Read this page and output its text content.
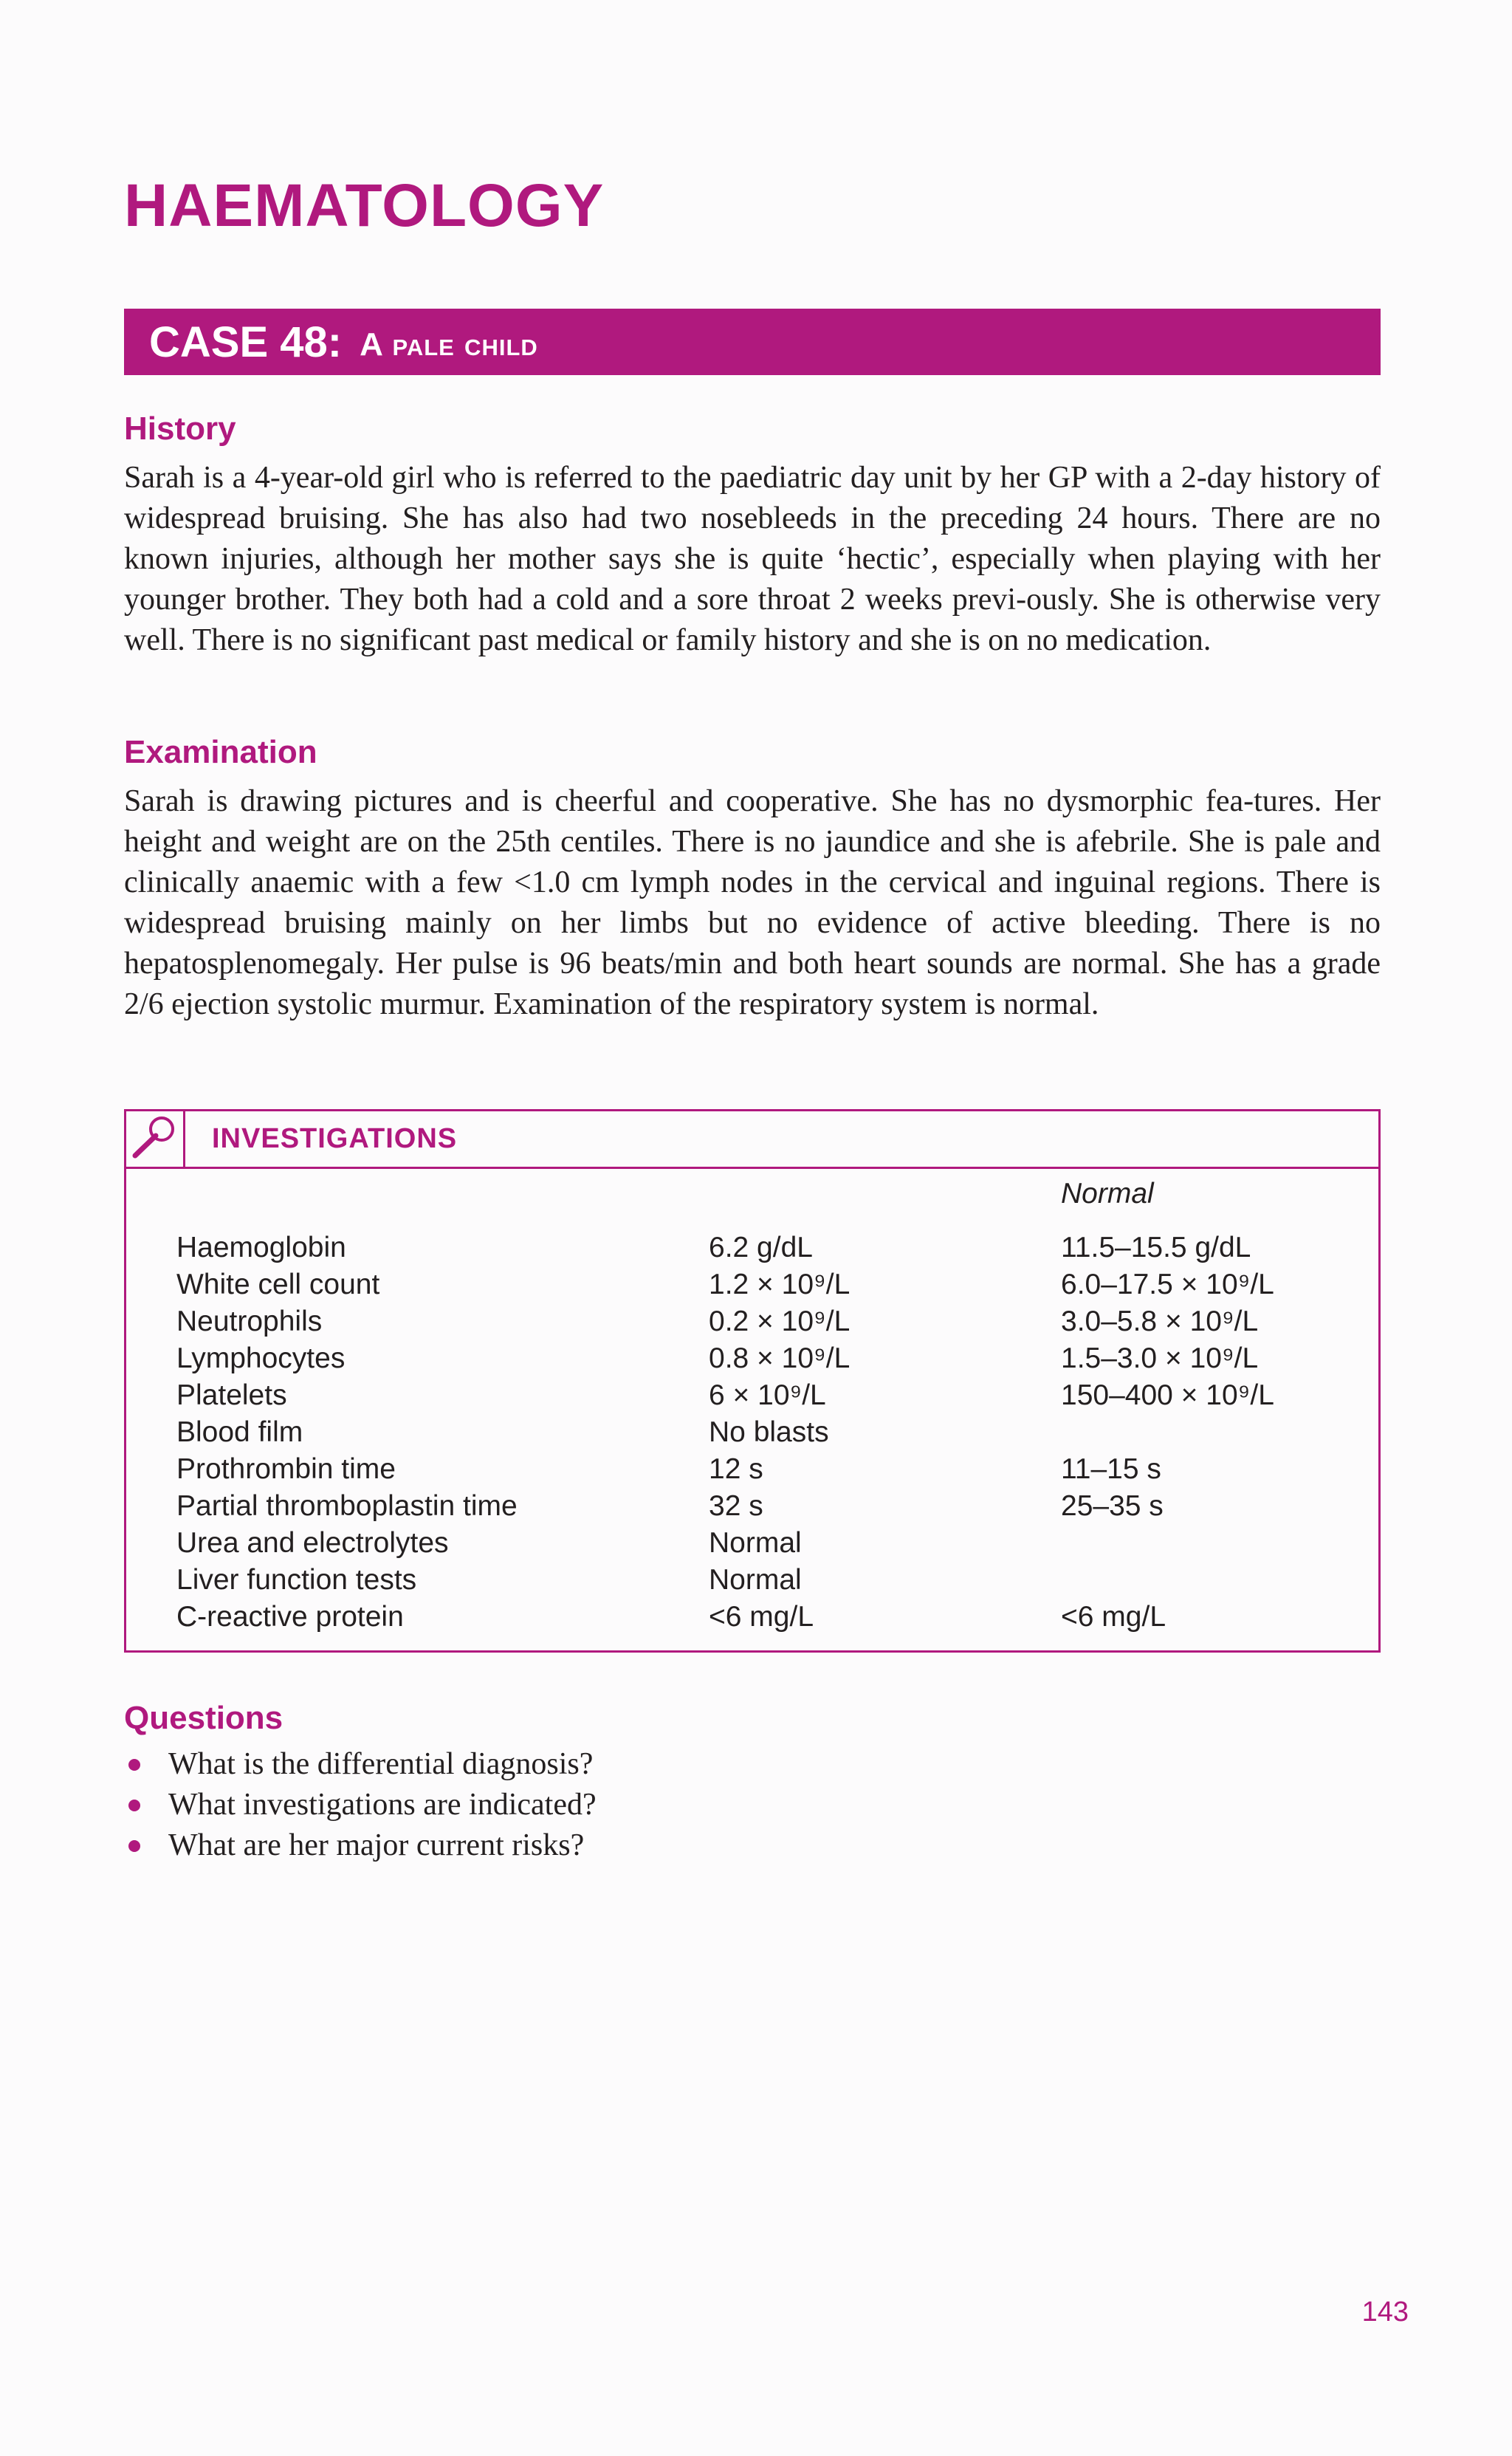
HAEMATOLOGY
CASE 48: A pale child
History

Sarah is a 4-year-old girl who is referred to the paediatric day unit by her GP with a 2-day history of widespread bruising. She has also had two nosebleeds in the preceding 24 hours. There are no known injuries, although her mother says she is quite ‘hectic’, especially when playing with her younger brother. They both had a cold and a sore throat 2 weeks previ-ously. She is otherwise very well. There is no significant past medical or family history and she is on no medication.

Examination

Sarah is drawing pictures and is cheerful and cooperative. She has no dysmorphic fea-tures. Her height and weight are on the 25th centiles. There is no jaundice and she is afebrile. She is pale and clinically anaemic with a few <1.0 cm lymph nodes in the cervical and inguinal regions. There is widespread bruising mainly on her limbs but no evidence of active bleeding. There is no hepatosplenomegaly. Her pulse is 96 beats/min and both heart sounds are normal. She has a grade 2/6 ejection systolic murmur. Examination of the respiratory system is normal.

INVESTIGATIONS
Normal
Haemoglobin	6.2 g/dL	11.5–15.5 g/dL
White cell count	1.2 × 10⁹/L	6.0–17.5 × 10⁹/L
Neutrophils	0.2 × 10⁹/L	3.0–5.8 × 10⁹/L
Lymphocytes	0.8 × 10⁹/L	1.5–3.0 × 10⁹/L
Platelets	6 × 10⁹/L	150–400 × 10⁹/L
Blood film	No blasts
Prothrombin time	12 s	11–15 s
Partial thromboplastin time	32 s	25–35 s
Urea and electrolytes	Normal
Liver function tests	Normal
C-reactive protein	<6 mg/L	<6 mg/L
Questions
What is the differential diagnosis?
What investigations are indicated?
What are her major current risks?
143
